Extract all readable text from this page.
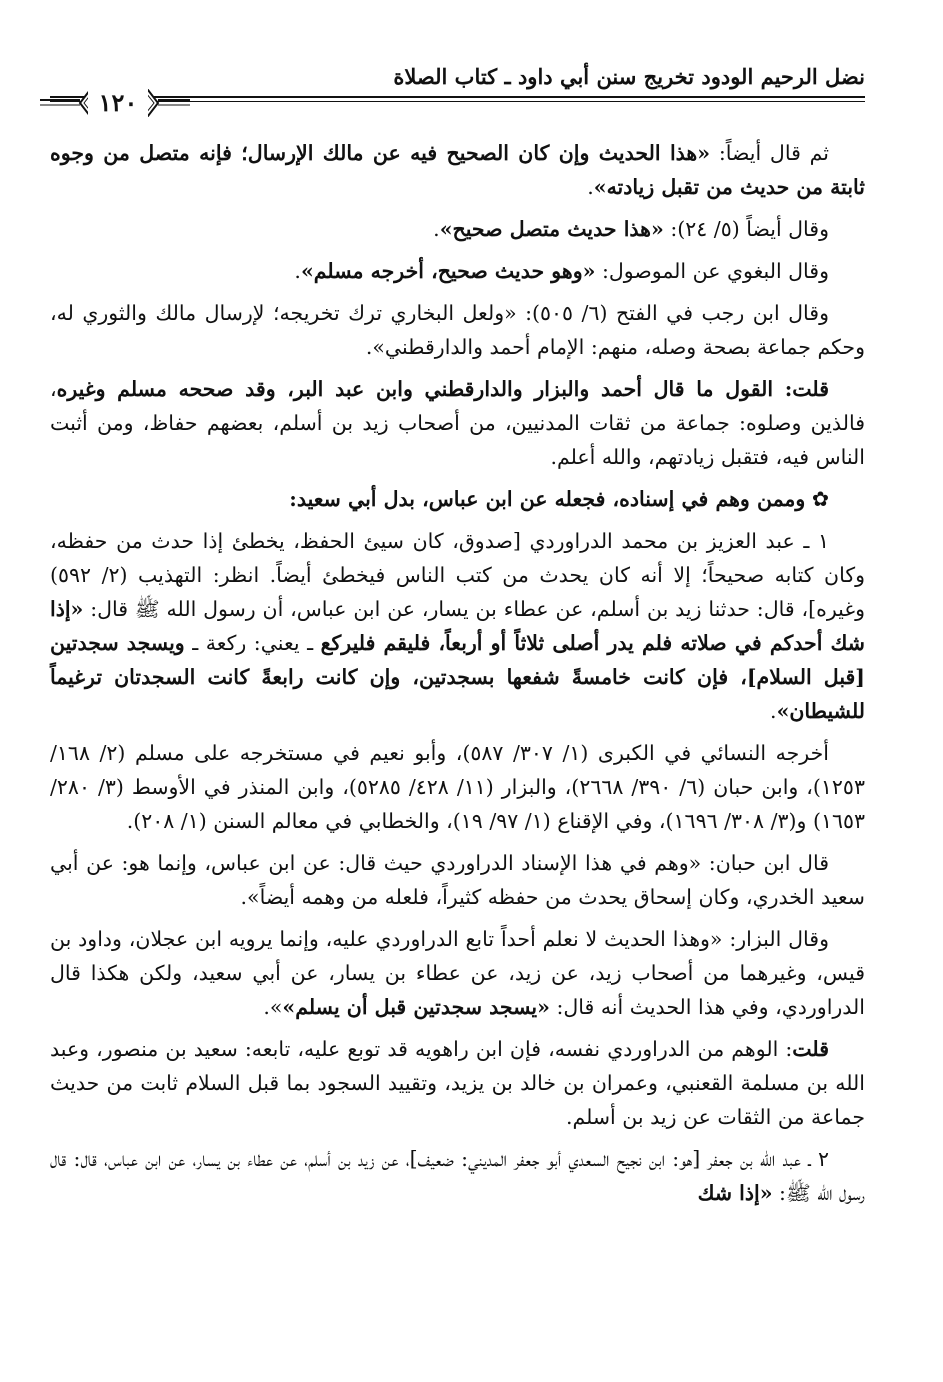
نضل الرحيم الودود تخريج سنن أبي داود ـ كتاب الصلاة
١٢٠

ثم قال أيضاً: «هذا الحديث وإن كان الصحيح فيه عن مالك الإرسال؛ فإنه متصل من وجوه ثابتة من حديث من تقبل زيادته».

وقال أيضاً (٥/ ٢٤): «هذا حديث متصل صحيح».

وقال البغوي عن الموصول: «وهو حديث صحيح، أخرجه مسلم».

وقال ابن رجب في الفتح (٦/ ٥٠٥): «ولعل البخاري ترك تخريجه؛ لإرسال مالك والثوري له، وحكم جماعة بصحة وصله، منهم: الإمام أحمد والدارقطني».

قلت: القول ما قال أحمد والبزار والدارقطني وابن عبد البر، وقد صححه مسلم وغيره، فالذين وصلوه: جماعة من ثقات المدنيين، من أصحاب زيد بن أسلم، بعضهم حفاظ، ومن أثبت الناس فيه، فتقبل زيادتهم، والله أعلم.

✿ وممن وهم في إسناده، فجعله عن ابن عباس، بدل أبي سعيد:

١ ـ عبد العزيز بن محمد الدراوردي [صدوق، كان سيئ الحفظ، يخطئ إذا حدث من حفظه، وكان كتابه صحيحاً؛ إلا أنه كان يحدث من كتب الناس فيخطئ أيضاً. انظر: التهذيب (٢/ ٥٩٢) وغيره]، قال: حدثنا زيد بن أسلم، عن عطاء بن يسار، عن ابن عباس، أن رسول الله ﷺ قال: «إذا شك أحدكم في صلاته فلم يدر أصلى ثلاثاً أو أربعاً، فليقم فليركع ـ يعني: ركعة ـ ويسجد سجدتين [قبل السلام]، فإن كانت خامسةً شفعها بسجدتين، وإن كانت رابعةً كانت السجدتان ترغيماً للشيطان».

أخرجه النسائي في الكبرى (١/ ٣٠٧/ ٥٨٧)، وأبو نعيم في مستخرجه على مسلم (٢/ ١٦٨/ ١٢٥٣)، وابن حبان (٦/ ٣٩٠/ ٢٦٦٨)، والبزار (١١/ ٤٢٨/ ٥٢٨٥)، وابن المنذر في الأوسط (٣/ ٢٨٠/ ١٦٥٣) و(٣/ ٣٠٨/ ١٦٩٦)، وفي الإقناع (١/ ٩٧/ ١٩)، والخطابي في معالم السنن (١/ ٢٠٨).

قال ابن حبان: «وهم في هذا الإسناد الدراوردي حيث قال: عن ابن عباس، وإنما هو: عن أبي سعيد الخدري، وكان إسحاق يحدث من حفظه كثيراً، فلعله من وهمه أيضاً».

وقال البزار: «وهذا الحديث لا نعلم أحداً تابع الدراوردي عليه، وإنما يرويه ابن عجلان، وداود بن قيس، وغيرهما من أصحاب زيد، عن زيد، عن عطاء بن يسار، عن أبي سعيد، ولكن هكذا قال الدراوردي، وفي هذا الحديث أنه قال: «يسجد سجدتين قبل أن يسلم»».

قلت: الوهم من الدراوردي نفسه، فإن ابن راهويه قد توبع عليه، تابعه: سعيد بن منصور، وعبد الله بن مسلمة القعنبي، وعمران بن خالد بن يزيد، وتقييد السجود بما قبل السلام ثابت من حديث جماعة من الثقات عن زيد بن أسلم.

٢ ـ عبد الله بن جعفر [هو: ابن نجيح السعدي أبو جعفر المديني: ضعيف]، عن زيد بن أسلم، عن عطاء بن يسار، عن ابن عباس، قال: قال رسول الله ﷺ: «إذا شك
